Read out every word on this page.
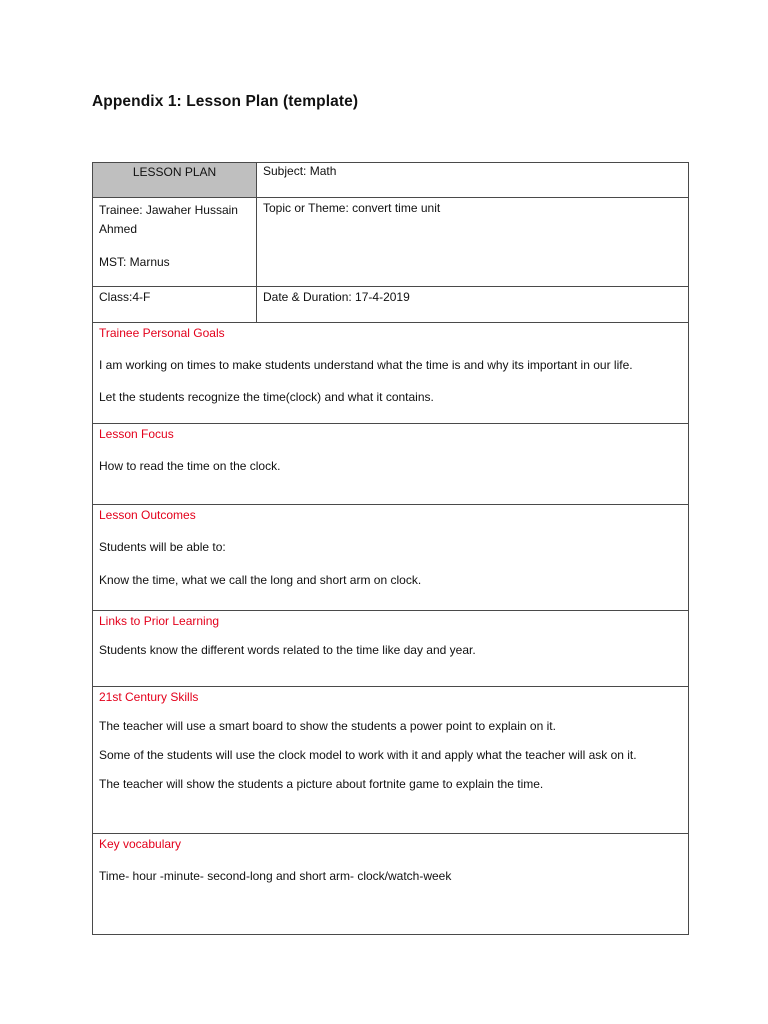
Appendix 1: Lesson Plan (template)
LESSON PLAN	Subject: Math

Trainee: Jawaher Hussain
Ahmed
MST: Marnus	Topic or Theme: convert time unit
Class:4-F	Date & Duration: 17-4-2019

Trainee Personal Goals

I am working on times to make students understand what the time is and why its important in our life.

Let the students recognize the time(clock) and what it contains.	

Lesson Focus

How to read the time on the clock.	

Lesson Outcomes

Students will be able to:

Know the time, what we call the long and short arm on clock.	

Links to Prior Learning

Students know the different words related to the time like day and year.	

21st Century Skills

The teacher will use a smart board to show the students a power point to explain on it.

Some of the students will use the clock model to work with it and apply what the teacher will ask on it.

The teacher will show the students a picture about fortnite game to explain the time.	

Key vocabulary

Time- hour -minute- second-long and short arm- clock/watch-week	
